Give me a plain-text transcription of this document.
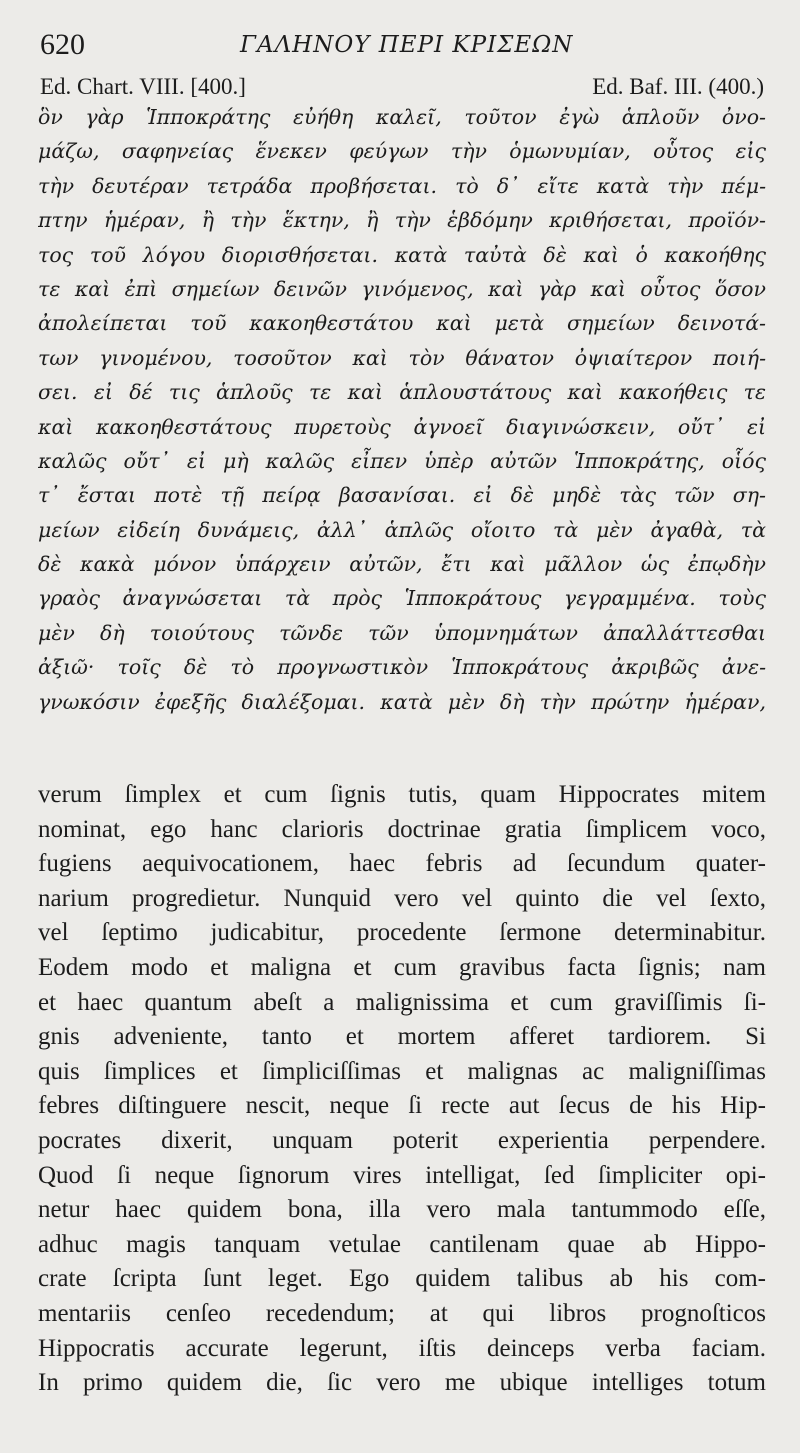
620	ΓΑΛΗΝΟΥ ΠΕΡΙ ΚΡΙΣΕΩΝ
Ed. Chart. VIII. [400.]	Ed. Baf. III. (400.)
ὃν γὰρ Ἱπποκράτης εὐήθη καλεῖ, τοῦτον ἐγὼ ἁπλοῦν ὀνο-
μάζω, σαφηνείας ἕνεκεν φεύγων τὴν ὁμωνυμίαν, οὗτος εἰς
τὴν δευτέραν τετράδα προβήσεται. τὸ δ᾽ εἴτε κατὰ τὴν πέμ-
πτην ἡμέραν, ἢ τὴν ἕκτην, ἢ τὴν ἑβδόμην κριθήσεται, προϊόν-
τος τοῦ λόγου διορισθήσεται. κατὰ ταὐτὰ δὲ καὶ ὁ κακοήθης
τε καὶ ἐπὶ σημείων δεινῶν γινόμενος, καὶ γὰρ καὶ οὗτος ὅσον
ἀπολείπεται τοῦ κακοηθεστάτου καὶ μετὰ σημείων δεινοτά-
των γινομένου, τοσοῦτον καὶ τὸν θάνατον ὀψιαίτερον ποιή-
σει. εἰ δέ τις ἁπλοῦς τε καὶ ἁπλουστάτους καὶ κακοήθεις τε
καὶ κακοηθεστάτους πυρετοὺς ἀγνοεῖ διαγινώσκειν, οὔτ᾽ εἰ
καλῶς οὔτ᾽ εἰ μὴ καλῶς εἶπεν ὑπὲρ αὐτῶν Ἱπποκράτης, οἷός
τ᾽ ἔσται ποτὲ τῇ πείρᾳ βασανίσαι. εἰ δὲ μηδὲ τὰς τῶν ση-
μείων εἰδείη δυνάμεις, ἀλλ᾽ ἁπλῶς οἴοιτο τὰ μὲν ἀγαθὰ, τὰ
δὲ κακὰ μόνον ὑπάρχειν αὐτῶν, ἔτι καὶ μᾶλλον ὡς ἐπῳδὴν
γραὸς ἀναγνώσεται τὰ πρὸς Ἱπποκράτους γεγραμμένα. τοὺς
μὲν δὴ τοιούτους τῶνδε τῶν ὑπομνημάτων ἀπαλλάττεσθαι
ἀξιῶ· τοῖς δὲ τὸ προγνωστικὸν Ἱπποκράτους ἀκριβῶς ἀνε-
γνωκόσιν ἐφεξῆς διαλέξομαι. κατὰ μὲν δὴ τὴν πρώτην ἡμέραν,
verum ſimplex et cum ſignis tutis, quam Hippocrates mitem
nominat, ego hanc clarioris doctrinae gratia ſimplicem voco,
fugiens aequivocationem, haec febris ad ſecundum quater-
narium progredietur. Nunquid vero vel quinto die vel ſexto,
vel ſeptimo judicabitur, procedente ſermone determinabitur.
Eodem modo et maligna et cum gravibus facta ſignis; nam
et haec quantum abeſt a malignissima et cum graviſſimis ſi-
gnis adveniente, tanto et mortem afferet tardiorem. Si
quis ſimplices et ſimpliciſſimas et malignas ac maligniſſimas
febres diſtinguere nescit, neque ſi recte aut ſecus de his Hip-
pocrates dixerit, unquam poterit experientia perpendere.
Quod ſi neque ſignorum vires intelligat, ſed ſimpliciter opi-
netur haec quidem bona, illa vero mala tantummodo eſſe,
adhuc magis tanquam vetulae cantilenam quae ab Hippo-
crate ſcripta ſunt leget. Ego quidem talibus ab his com-
mentariis cenſeo recedendum; at qui libros prognoſticos
Hippocratis accurate legerunt, iſtis deinceps verba faciam.
In primo quidem die, ſic vero me ubique intelliges totum
